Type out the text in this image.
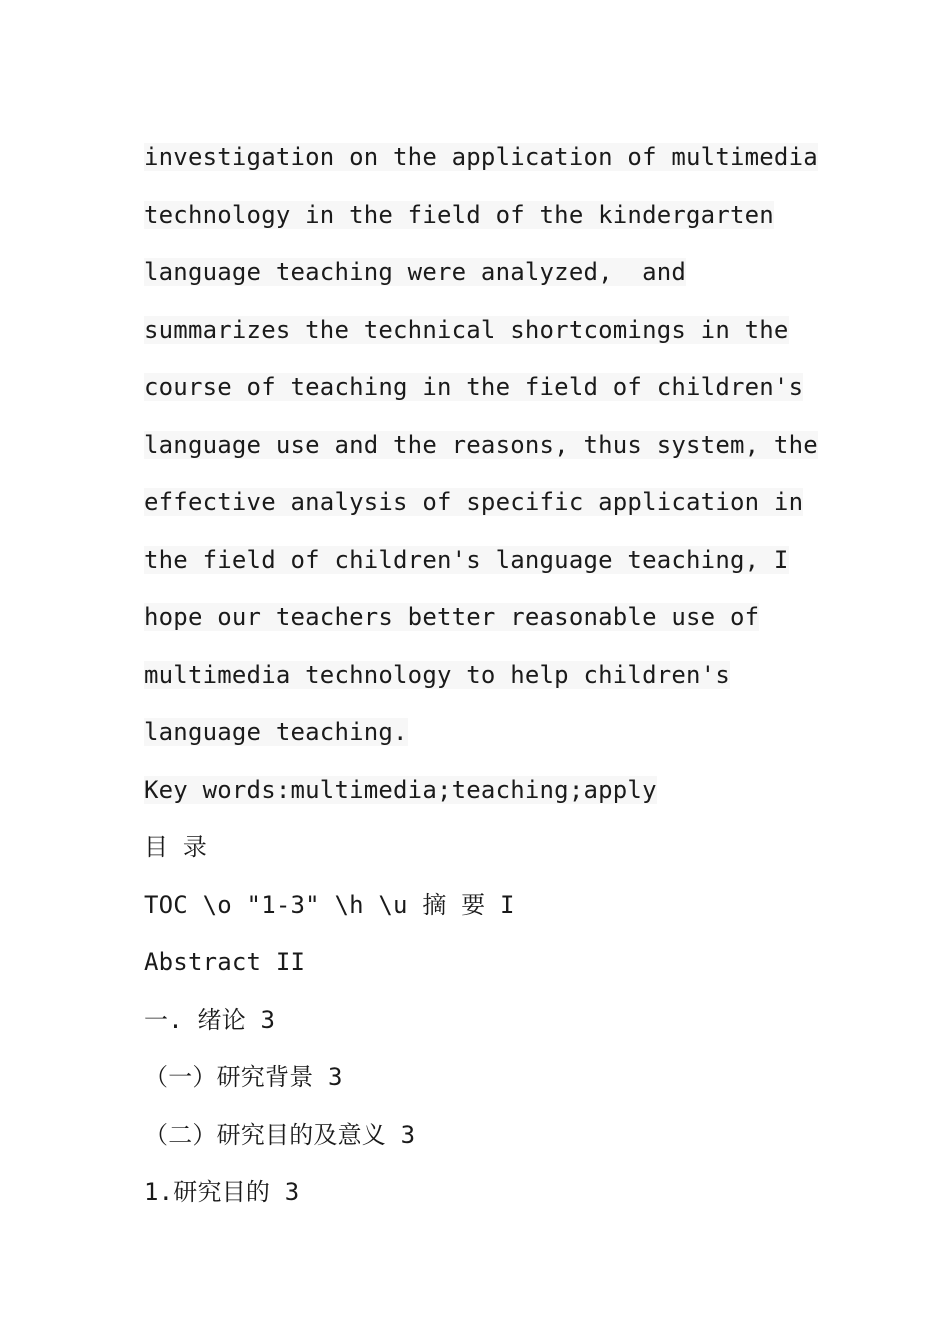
investigation on the application of multimedia
technology in the field of the kindergarten
language teaching were analyzed,  and
summarizes the technical shortcomings in the
course of teaching in the field of children's
language use and the reasons, thus system, the
effective analysis of specific application in
the field of children's language teaching, I
hope our teachers better reasonable use of
multimedia technology to help children's
language teaching.
Key words:multimedia;teaching;apply
目 录
TOC \o "1-3" \h \u 摘 要 I
Abstract II
一. 绪论 3
（一）研究背景 3
（二）研究目的及意义 3
1.研究目的 3
